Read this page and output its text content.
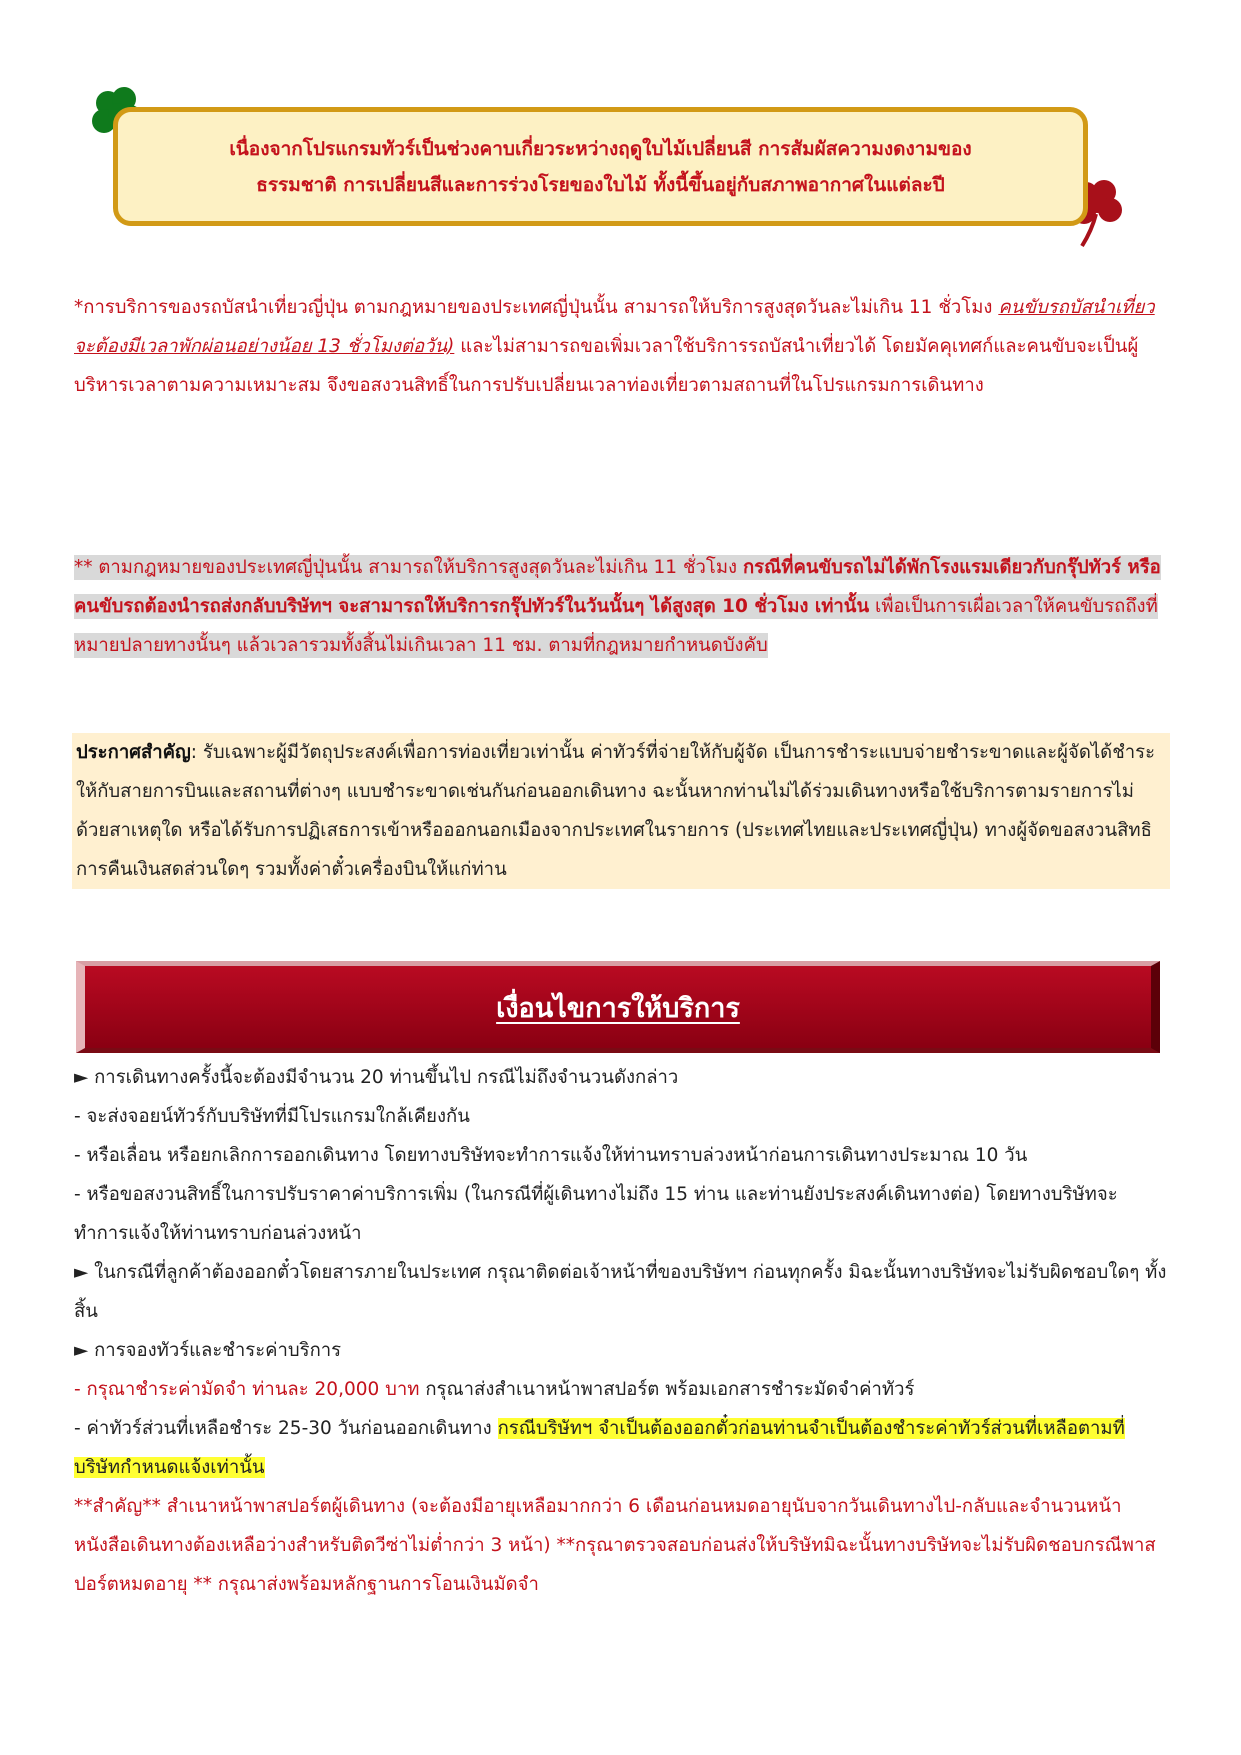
เนื่องจากโปรแกรมทัวร์เป็นช่วงคาบเกี่ยวระหว่างฤดูใบไม้เปลี่ยนสี การสัมผัสความงดงามของ
ธรรมชาติ การเปลี่ยนสีและการร่วงโรยของใบไม้ ทั้งนี้ขึ้นอยู่กับสภาพอากาศในแต่ละปี
*การบริการของรถบัสนำเที่ยวญี่ปุ่น ตามกฎหมายของประเทศญี่ปุ่นนั้น สามารถให้บริการสูงสุดวันละไม่เกิน 11 ชั่วโมง คนขับรถบัสนำเที่ยวจะต้องมีเวลาพักผ่อนอย่างน้อย 13 ชั่วโมงต่อวัน) และไม่สามารถขอเพิ่มเวลาใช้บริการรถบัสนำเที่ยวได้ โดยมัคคุเทศก์และคนขับจะเป็นผู้บริหารเวลาตามความเหมาะสม จึงขอสงวนสิทธิ์ในการปรับเปลี่ยนเวลาท่องเที่ยวตามสถานที่ในโปรแกรมการเดินทาง
** ตามกฎหมายของประเทศญี่ปุ่นนั้น สามารถให้บริการสูงสุดวันละไม่เกิน 11 ชั่วโมง กรณีที่คนขับรถไม่ได้พักโรงแรมเดียวกับกรุ๊ปทัวร์ หรือ คนขับรถต้องนำรถส่งกลับบริษัทฯ จะสามารถให้บริการกรุ๊ปทัวร์ในวันนั้นๆ ได้สูงสุด 10 ชั่วโมง เท่านั้น เพื่อเป็นการเผื่อเวลาให้คนขับรถถึงที่หมายปลายทางนั้นๆ แล้วเวลารวมทั้งสิ้นไม่เกินเวลา 11 ชม. ตามที่กฎหมายกำหนดบังคับ
ประกาศสำคัญ: รับเฉพาะผู้มีวัตถุประสงค์เพื่อการท่องเที่ยวเท่านั้น ค่าทัวร์ที่จ่ายให้กับผู้จัด เป็นการชำระแบบจ่ายชำระขาดและผู้จัดได้ชำระให้กับสายการบินและสถานที่ต่างๆ แบบชำระขาดเช่นกันก่อนออกเดินทาง ฉะนั้นหากท่านไม่ได้ร่วมเดินทางหรือใช้บริการตามรายการไม่ด้วยสาเหตุใด หรือได้รับการปฏิเสธการเข้าหรือออกนอกเมืองจากประเทศในรายการ (ประเทศไทยและประเทศญี่ปุ่น) ทางผู้จัดขอสงวนสิทธิการคืนเงินสดส่วนใดๆ รวมทั้งค่าตั๋วเครื่องบินให้แก่ท่าน
เงื่อนไขการให้บริการ
► การเดินทางครั้งนี้จะต้องมีจำนวน 20 ท่านขึ้นไป กรณีไม่ถึงจำนวนดังกล่าว
- จะส่งจอยน์ทัวร์กับบริษัทที่มีโปรแกรมใกล้เคียงกัน
- หรือเลื่อน หรือยกเลิกการออกเดินทาง โดยทางบริษัทจะทำการแจ้งให้ท่านทราบล่วงหน้าก่อนการเดินทางประมาณ 10 วัน
- หรือขอสงวนสิทธิ์ในการปรับราคาค่าบริการเพิ่ม (ในกรณีที่ผู้เดินทางไม่ถึง 15 ท่าน และท่านยังประสงค์เดินทางต่อ) โดยทางบริษัทจะทำการแจ้งให้ท่านทราบก่อนล่วงหน้า
► ในกรณีที่ลูกค้าต้องออกตั๋วโดยสารภายในประเทศ กรุณาติดต่อเจ้าหน้าที่ของบริษัทฯ ก่อนทุกครั้ง มิฉะนั้นทางบริษัทจะไม่รับผิดชอบใดๆ ทั้งสิ้น
► การจองทัวร์และชำระค่าบริการ
- กรุณาชำระค่ามัดจำ ท่านละ 20,000 บาท กรุณาส่งสำเนาหน้าพาสปอร์ต พร้อมเอกสารชำระมัดจำค่าทัวร์
- ค่าทัวร์ส่วนที่เหลือชำระ 25-30 วันก่อนออกเดินทาง กรณีบริษัทฯ จำเป็นต้องออกตั๋วก่อนท่านจำเป็นต้องชำระค่าทัวร์ส่วนที่เหลือตามที่บริษัทกำหนดแจ้งเท่านั้น
**สำคัญ** สำเนาหน้าพาสปอร์ตผู้เดินทาง (จะต้องมีอายุเหลือมากกว่า 6 เดือนก่อนหมดอายุนับจากวันเดินทางไป-กลับและจำนวนหน้าหนังสือเดินทางต้องเหลือว่างสำหรับติดวีซ่าไม่ต่ำกว่า 3 หน้า) **กรุณาตรวจสอบก่อนส่งให้บริษัทมิฉะนั้นทางบริษัทจะไม่รับผิดชอบกรณีพาสปอร์ตหมดอายุ ** กรุณาส่งพร้อมหลักฐานการโอนเงินมัดจำ
